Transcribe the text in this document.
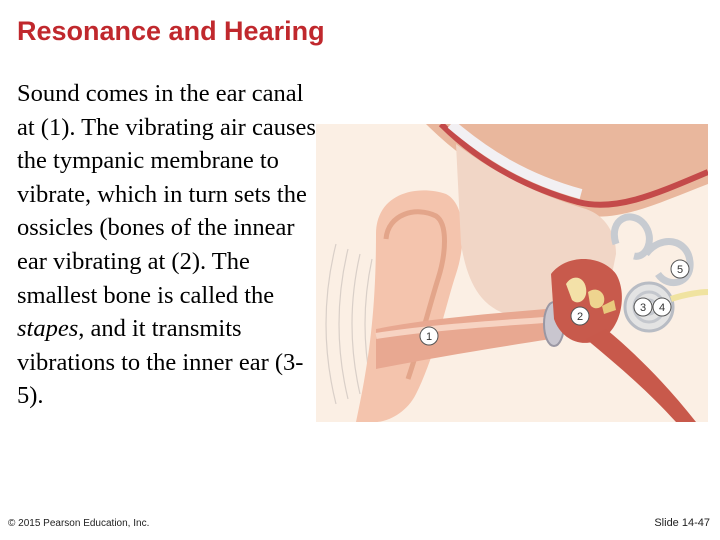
Resonance and Hearing

Sound comes in the ear canal at (1). The vibrating air causes the tympanic membrane to vibrate, which in turn sets the ossicles (bones of the innear ear vibrating at (2). The smallest bone is called the stapes, and it transmits vibrations to the inner ear (3-5).

1
2
3 4
5
© 2015 Pearson Education, Inc.	Slide 14-47
